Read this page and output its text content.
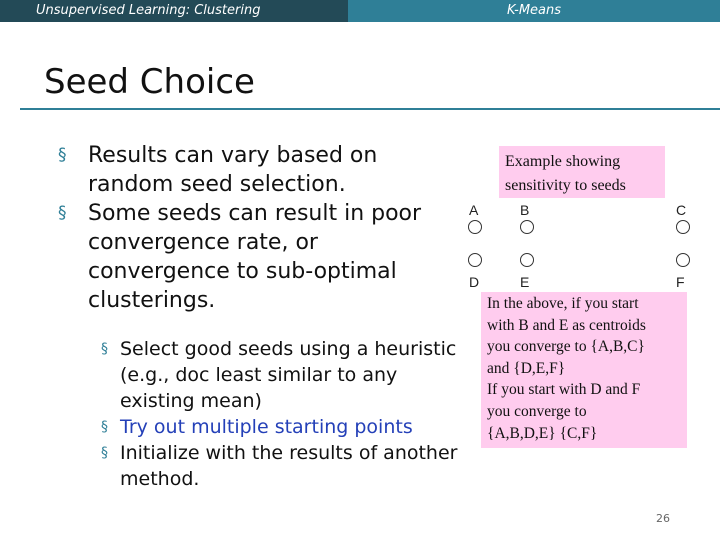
Unsupervised Learning: Clustering	K-Means
Seed Choice
§ Results can vary based on random seed selection.
§ Some seeds can result in poor convergence rate, or convergence to sub-optimal clusterings.
§ Select good seeds using a heuristic (e.g., doc least similar to any existing mean)
§ Try out multiple starting points
§ Initialize with the results of another method.
Example showing sensitivity to seeds
A	B	C
D	E	F
In the above, if you start
with B and E as centroids
you converge to {A,B,C}
and {D,E,F}
If you start with D and F
you converge to
{A,B,D,E} {C,F}
26
